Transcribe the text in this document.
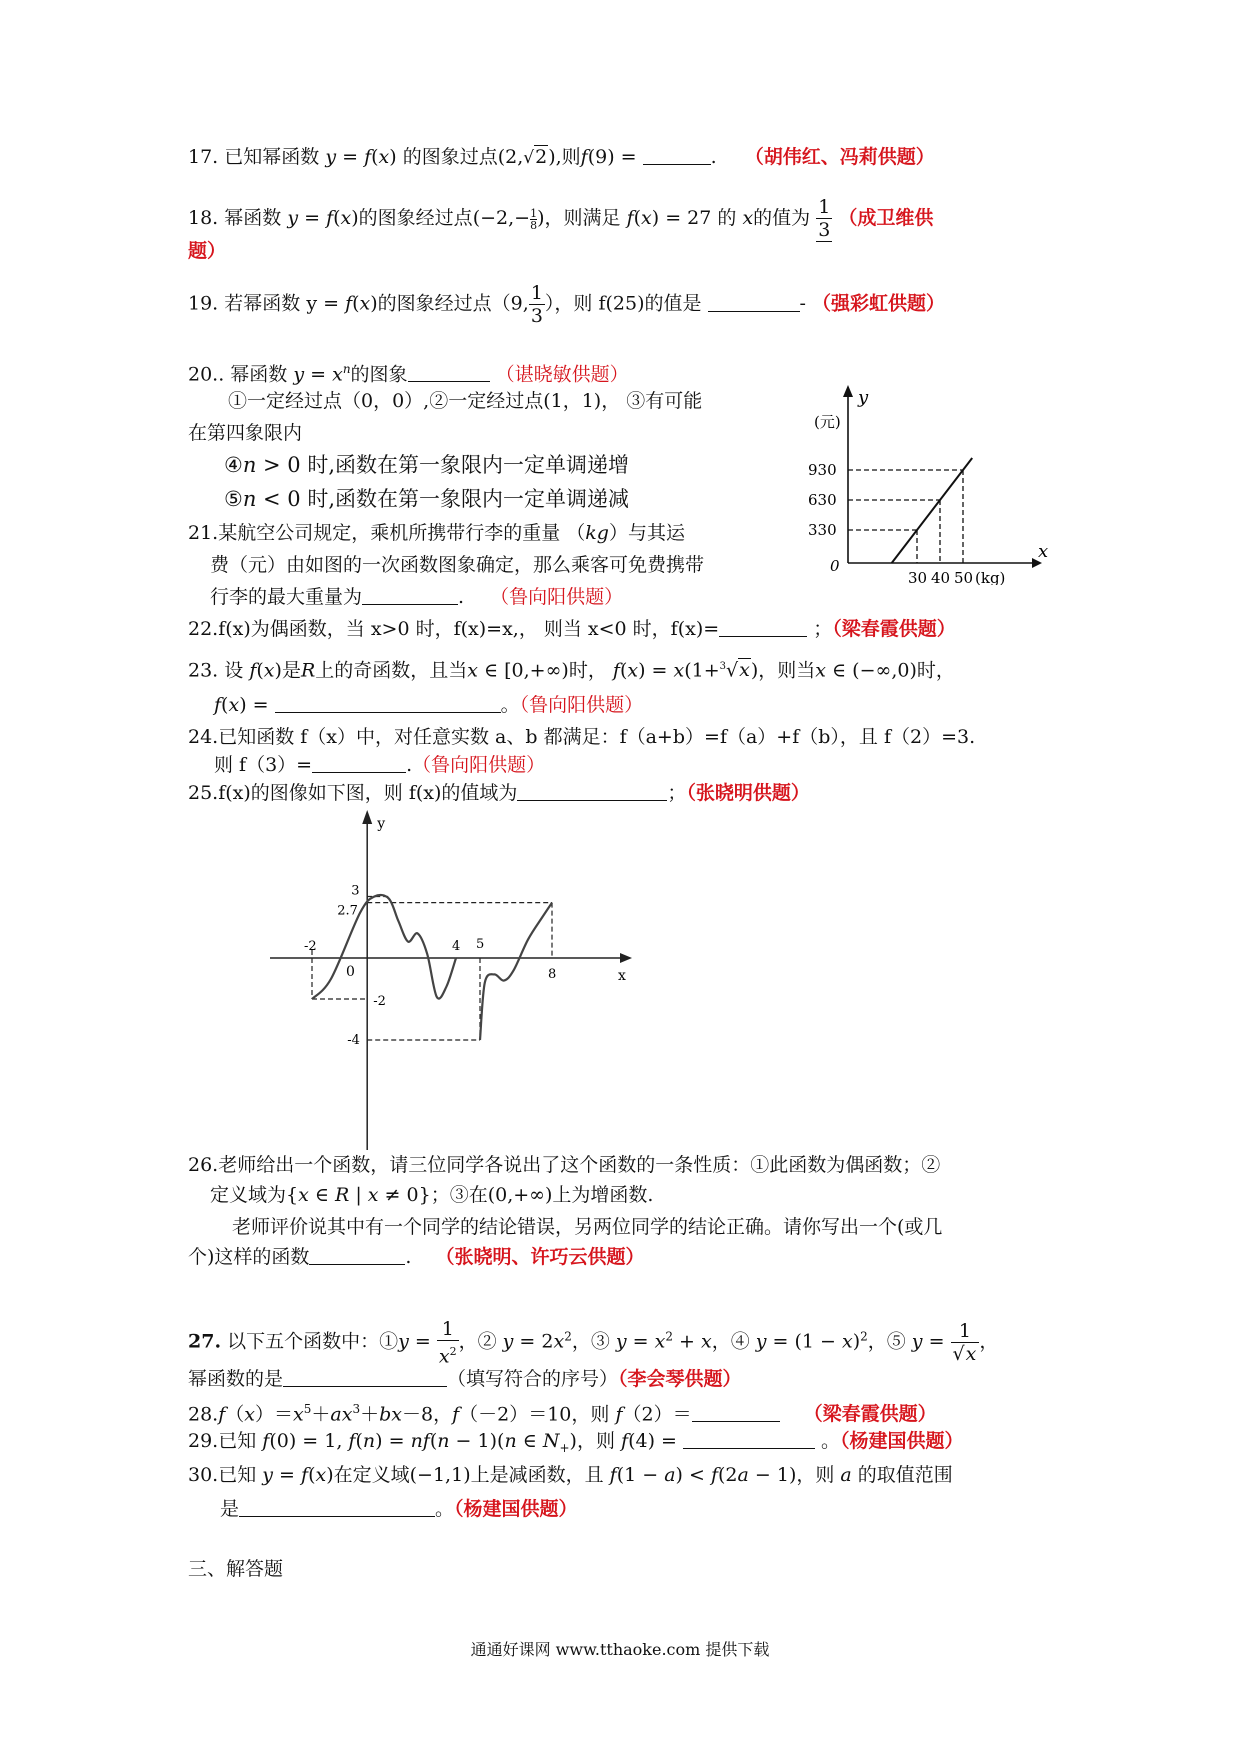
17. 已知幂函数 y = f(x) 的图象过点(2,√2),则f(9) =	. （胡伟红、冯莉供题）
18. 幂函数 y = f(x)的图象经过点$(-2,- \frac{1}{8})$，则满足 f(x) = 27 的 x的值为 $\frac{1}{3}$ （成卫维供
题）
19. 若幂函数 y = f(x)的图象经过点（9, $\frac{1}{3}$ ），则 f(25)的值是	- （强彩虹供题）
20.. 幂函数 $y = x^n$的图象	（谌晓敏供题）
①一定经过点（0，0）,②一定经过点(1，1)， ③有可能
在第四象限内
④n > 0 时,函数在第一象限内一定单调递增
⑤n < 0 时,函数在第一象限内一定单调递减
21.某航空公司规定，乘机所携带行李的重量 （kg）与其运
费（元）由如图的一次函数图象确定，那么乘客可免费携带
行李的最大重量为	. （鲁向阳供题）
y
(元)
x
0
30 40 50 (kg)
930
630
330
22.f(x)为偶函数，当 x>0 时，f(x)=x,， 则当 x<0 时，f(x)=	；（梁春霞供题）
23. 设 f(x)是R上的奇函数，且当x ∈ [0,+∞)时， f(x) = x(1+$^3$√x)，则当x ∈ (−∞,0)时，
f(x) =	。（鲁向阳供题）
24.已知函数 f（x）中，对任意实数 a、b 都满足：f（a+b）=f（a）+f（b），且 f（2）=3.
则 f（3）=	.（鲁向阳供题）
25.f(x)的图像如下图，则 f(x)的值域为	；（张晓明供题）
y
x
0
-2	4 5
8
3
2.7
-2
-4
26.老师给出一个函数，请三位同学各说出了这个函数的一条性质：①此函数为偶函数；②
定义域为{x ∈ R | x ≠ 0}；③在(0,+∞)上为增函数.
老师评价说其中有一个同学的结论错误，另两位同学的结论正确。请你写出一个(或几
个)这样的函数	. （张晓明、许巧云供题）
27. 以下五个函数中：①y = $\frac{1}{x^2}$ ，② $y = 2x^2$，③ $y = x^2 + x$，④ $y = (1 - x)^2$，⑤ $y = \frac{1}{√x}$ ，
幂函数的是	（填写符合的序号）（李会琴供题）
$28.f(x)=x^5+ax^3+bx-8$，f（－2）＝10，则 f（2）＝	（梁春霞供题）
29.已知 f(0) = 1, f(n) = nf(n − 1)(n ∈ $N_+$)，则 f(4) =	。（杨建国供题）
30.已知 y = f(x)在定义域(−1,1)上是减函数，且 f(1 − a) < f(2a − 1)，则 a 的取值范围
是	。（杨建国供题）
三、解答题
通通好课网 www.tthaoke.com 提供下载
